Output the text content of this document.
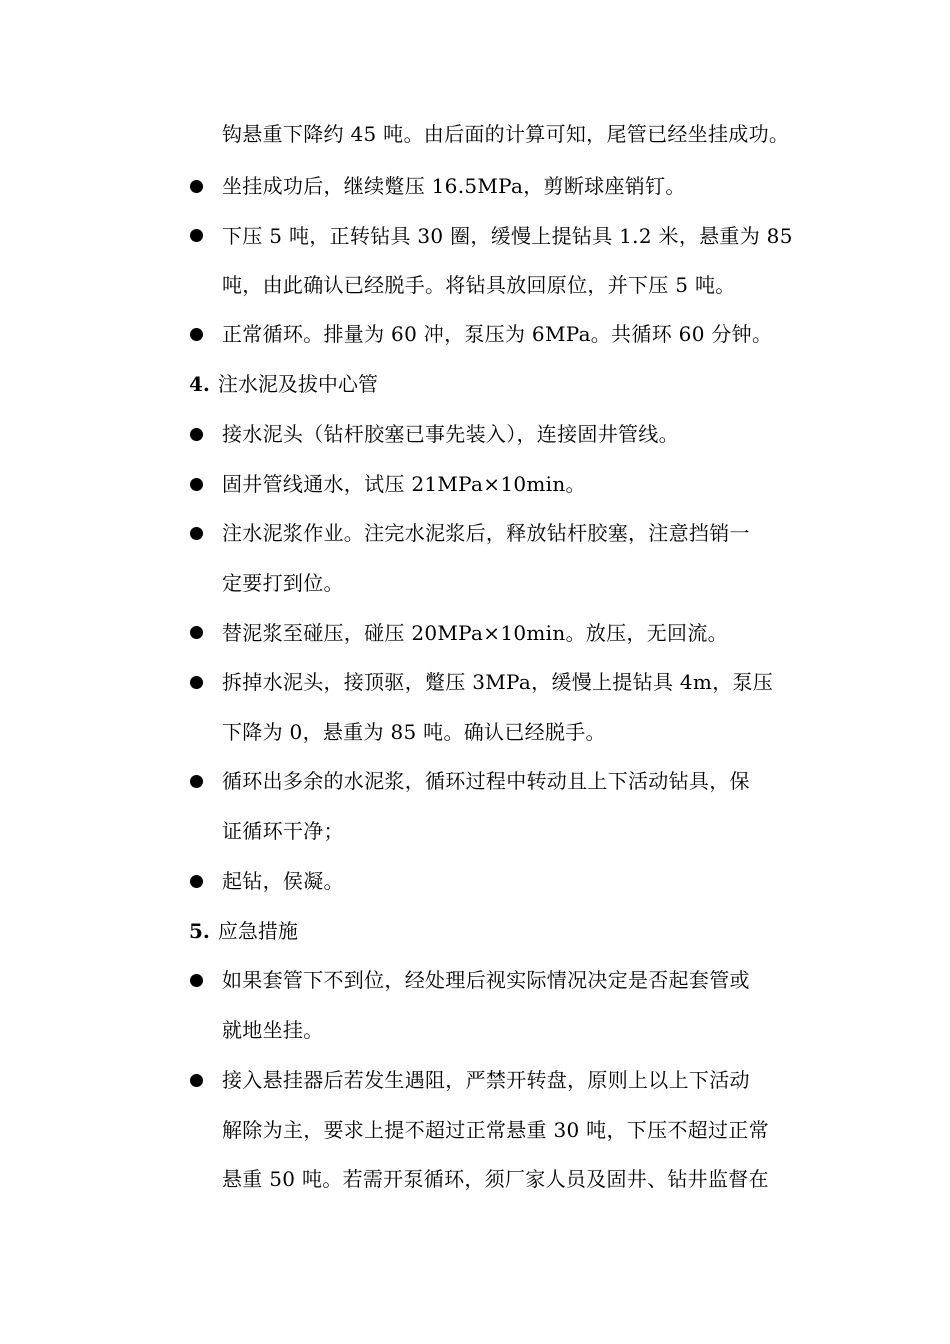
钩悬重下降约 45 吨。由后面的计算可知，尾管已经坐挂成功。
坐挂成功后，继续蹩压 16.5MPa，剪断球座销钉。
下压 5 吨，正转钻具 30 圈，缓慢上提钻具 1.2 米，悬重为 85
吨，由此确认已经脱手。将钻具放回原位，并下压 5 吨。
正常循环。排量为 60 冲，泵压为 6MPa。共循环 60 分钟。
4. 注水泥及拔中心管
接水泥头（钻杆胶塞已事先装入），连接固井管线。
固井管线通水，试压 21MPa×10min。
注水泥浆作业。注完水泥浆后，释放钻杆胶塞，注意挡销一
定要打到位。
替泥浆至碰压，碰压 20MPa×10min。放压，无回流。
拆掉水泥头，接顶驱，蹩压 3MPa，缓慢上提钻具 4m，泵压
下降为 0，悬重为 85 吨。确认已经脱手。
循环出多余的水泥浆，循环过程中转动且上下活动钻具，保
证循环干净；
起钻，侯凝。
5. 应急措施
如果套管下不到位，经处理后视实际情况决定是否起套管或
就地坐挂。
接入悬挂器后若发生遇阻，严禁开转盘，原则上以上下活动
解除为主，要求上提不超过正常悬重 30 吨，下压不超过正常
悬重 50 吨。若需开泵循环，须厂家人员及固井、钻井监督在
